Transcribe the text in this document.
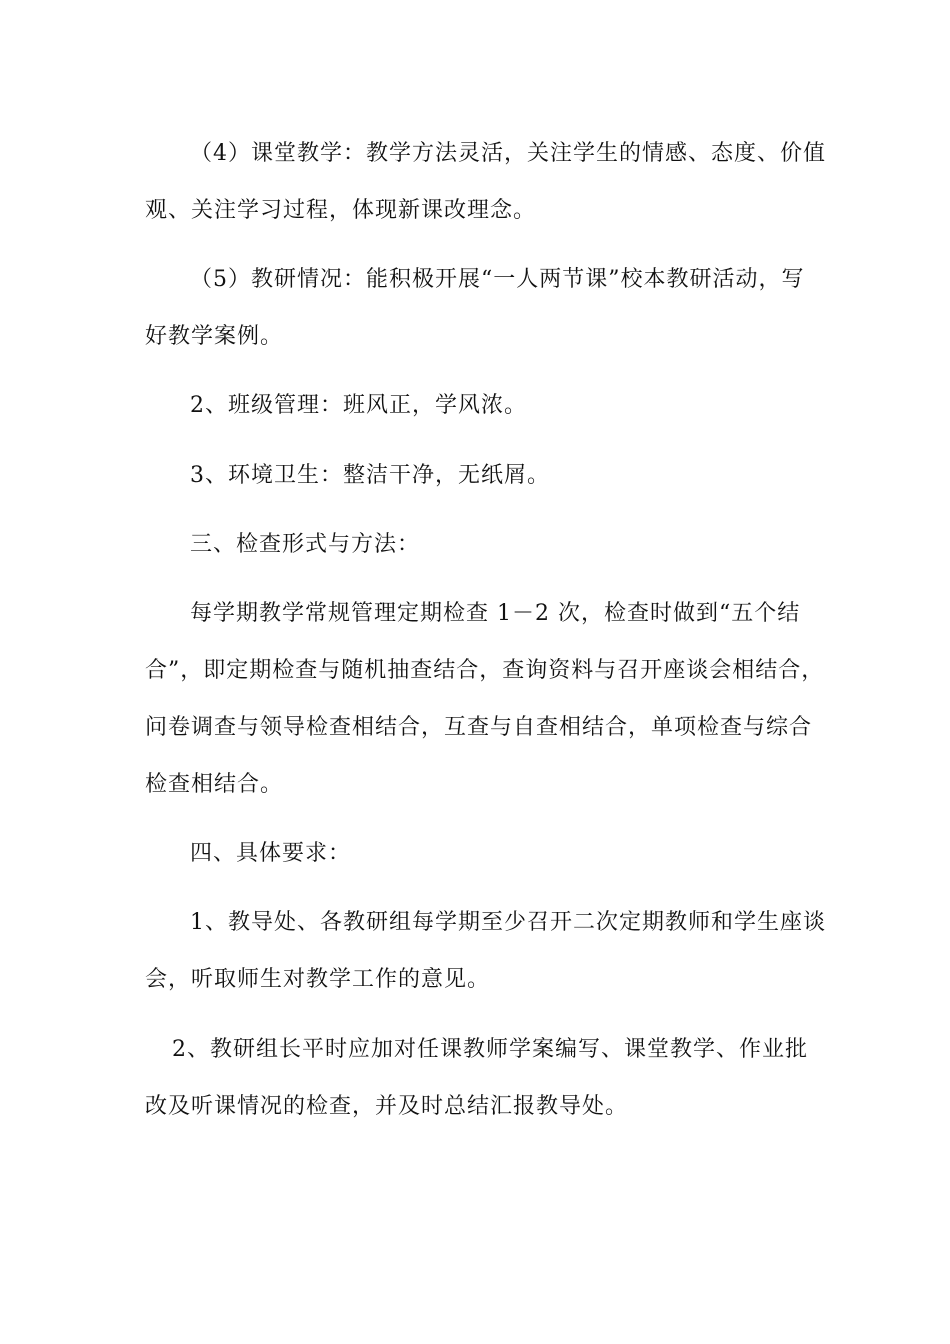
（4）课堂教学：教学方法灵活，关注学生的情感、态度、价值
观、关注学习过程，体现新课改理念。
（5）教研情况：能积极开展“一人两节课”校本教研活动，写
好教学案例。
2、班级管理：班风正，学风浓。
3、环境卫生：整洁干净，无纸屑。
三、检查形式与方法：
每学期教学常规管理定期检查 1－2 次，检查时做到“五个结
合”，即定期检查与随机抽查结合，查询资料与召开座谈会相结合，
问卷调查与领导检查相结合，互查与自查相结合，单项检查与综合
检查相结合。
四、具体要求：
1、教导处、各教研组每学期至少召开二次定期教师和学生座谈
会，听取师生对教学工作的意见。
2、教研组长平时应加对任课教师学案编写、课堂教学、作业批
改及听课情况的检查，并及时总结汇报教导处。
